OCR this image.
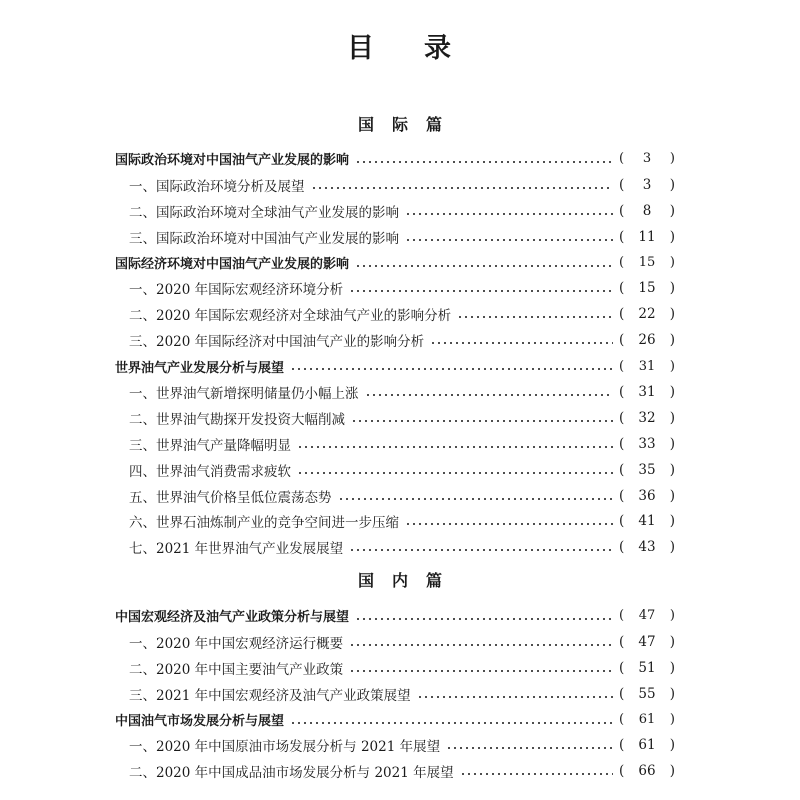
目 录
国 际 篇
国际政治环境对中国油气产业发展的影响	( 3 )
一、国际政治环境分析及展望	( 3 )
二、国际政治环境对全球油气产业发展的影响	( 8 )
三、国际政治环境对中国油气产业发展的影响	( 11 )
国际经济环境对中国油气产业发展的影响	( 15 )
一、2020 年国际宏观经济环境分析	( 15 )
二、2020 年国际宏观经济对全球油气产业的影响分析	( 22 )
三、2020 年国际经济对中国油气产业的影响分析	( 26 )
世界油气产业发展分析与展望	( 31 )
一、世界油气新增探明储量仍小幅上涨	( 31 )
二、世界油气勘探开发投资大幅削减	( 32 )
三、世界油气产量降幅明显	( 33 )
四、世界油气消费需求疲软	( 35 )
五、世界油气价格呈低位震荡态势	( 36 )
六、世界石油炼制产业的竞争空间进一步压缩	( 41 )
七、2021 年世界油气产业发展展望	( 43 )
国 内 篇
中国宏观经济及油气产业政策分析与展望	( 47 )
一、2020 年中国宏观经济运行概要	( 47 )
二、2020 年中国主要油气产业政策	( 51 )
三、2021 年中国宏观经济及油气产业政策展望	( 55 )
中国油气市场发展分析与展望	( 61 )
一、2020 年中国原油市场发展分析与 2021 年展望	( 61 )
二、2020 年中国成品油市场发展分析与 2021 年展望	( 66 )
